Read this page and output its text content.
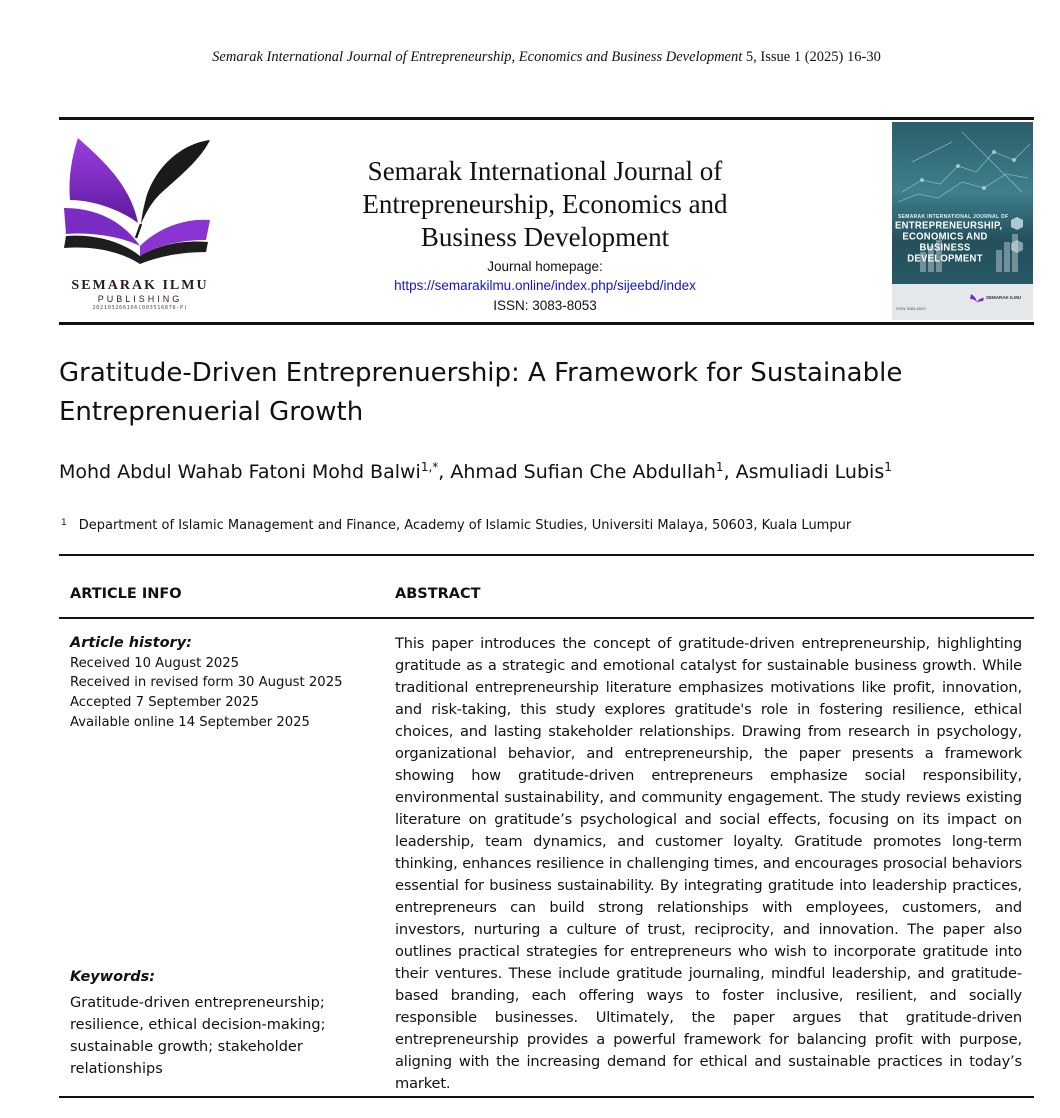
Semarak International Journal of Entrepreneurship, Economics and Business Development 5, Issue 1 (2025) 16-30
SEMARAK ILMU
PUBLISHING
202103266166(003516878-P)
Semarak International Journal of Entrepreneurship, Economics and Business Development
Journal homepage:
https://semarakilmu.online/index.php/sijeebd/index
ISSN: 3083-8053
SEMARAK INTERNATIONAL JOURNAL OF
ENTREPRENEURSHIP, ECONOMICS AND BUSINESS DEVELOPMENT
SEMARAK ILMU
ISSN 3083-8053
Gratitude-Driven Entreprenuership: A Framework for Sustainable Entreprenuerial Growth
Mohd Abdul Wahab Fatoni Mohd Balwi$^{1,*}$, Ahmad Sufian Che Abdullah$^1$, Asmuliadi Lubis$^1$
$^1$ Department of Islamic Management and Finance, Academy of Islamic Studies, Universiti Malaya, 50603, Kuala Lumpur
ARTICLE INFO	ABSTRACT
Article history:
Received 10 August 2025
Received in revised form 30 August 2025
Accepted 7 September 2025
Available online 14 September 2025
Keywords:
Gratitude-driven entrepreneurship; resilience, ethical decision-making; sustainable growth; stakeholder relationships
This paper introduces the concept of gratitude-driven entrepreneurship, highlighting gratitude as a strategic and emotional catalyst for sustainable business growth. While traditional entrepreneurship literature emphasizes motivations like profit, innovation, and risk-taking, this study explores gratitude's role in fostering resilience, ethical choices, and lasting stakeholder relationships. Drawing from research in psychology, organizational behavior, and entrepreneurship, the paper presents a framework showing how gratitude-driven entrepreneurs emphasize social responsibility, environmental sustainability, and community engagement. The study reviews existing literature on gratitude’s psychological and social effects, focusing on its impact on leadership, team dynamics, and customer loyalty. Gratitude promotes long-term thinking, enhances resilience in challenging times, and encourages prosocial behaviors essential for business sustainability. By integrating gratitude into leadership practices, entrepreneurs can build strong relationships with employees, customers, and investors, nurturing a culture of trust, reciprocity, and innovation. The paper also outlines practical strategies for entrepreneurs who wish to incorporate gratitude into their ventures. These include gratitude journaling, mindful leadership, and gratitude-based branding, each offering ways to foster inclusive, resilient, and socially responsible businesses. Ultimately, the paper argues that gratitude-driven entrepreneurship provides a powerful framework for balancing profit with purpose, aligning with the increasing demand for ethical and sustainable practices in today’s market.
